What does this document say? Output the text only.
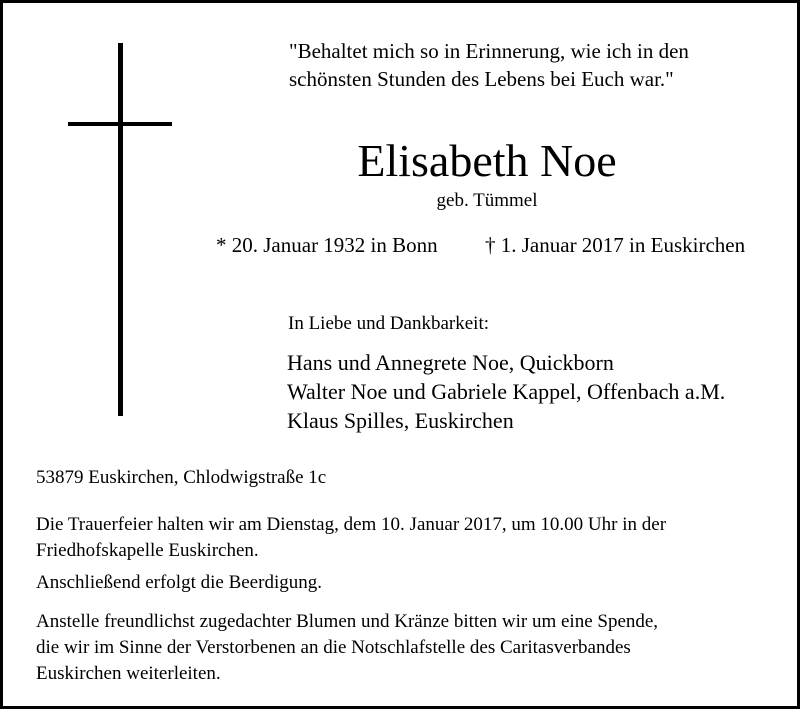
"Behaltet mich so in Erinnerung, wie ich in den
schönsten Stunden des Lebens bei Euch war."
Elisabeth Noe
geb. Tümmel
* 20. Januar 1932 in Bonn † 1. Januar 2017 in Euskirchen
In Liebe und Dankbarkeit:
Hans und Annegrete Noe, Quickborn
Walter Noe und Gabriele Kappel, Offenbach a.M.
Klaus Spilles, Euskirchen
53879 Euskirchen, Chlodwigstraße 1c
Die Trauerfeier halten wir am Dienstag, dem 10. Januar 2017, um 10.00 Uhr in der
Friedhofskapelle Euskirchen.
Anschließend erfolgt die Beerdigung.
Anstelle freundlichst zugedachter Blumen und Kränze bitten wir um eine Spende,
die wir im Sinne der Verstorbenen an die Notschlafstelle des Caritasverbandes
Euskirchen weiterleiten.
